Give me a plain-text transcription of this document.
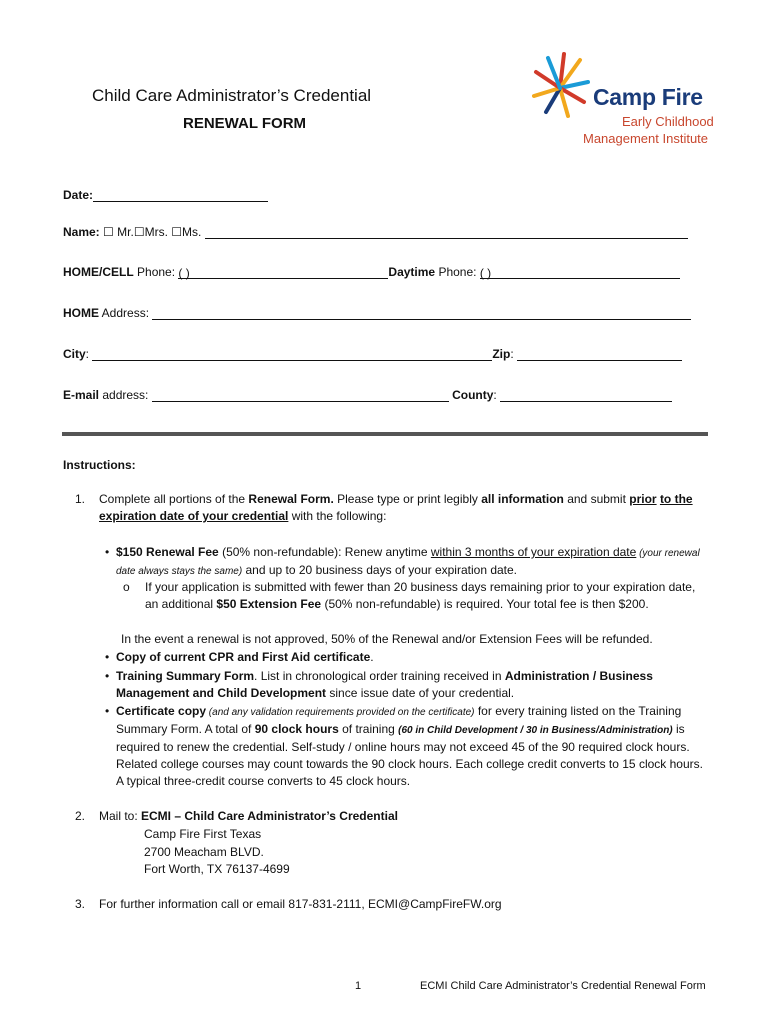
Child Care Administrator’s Credential
RENEWAL FORM
Camp Fire
Early Childhood
Management Institute
Date:
Name: ☐ Mr.☐Mrs. ☐Ms.
HOME/CELL Phone: ( )	Daytime Phone: ( )
HOME Address:
City:	Zip:
E-mail address:	County:
Instructions:
1. Complete all portions of the Renewal Form. Please type or print legibly all information and submit prior to the expiration date of your credential with the following:
• $150 Renewal Fee (50% non-refundable): Renew anytime within 3 months of your expiration date (your renewal date always stays the same) and up to 20 business days of your expiration date.
o If your application is submitted with fewer than 20 business days remaining prior to your expiration date, an additional $50 Extension Fee (50% non-refundable) is required. Your total fee is then $200.
In the event a renewal is not approved, 50% of the Renewal and/or Extension Fees will be refunded.
• Copy of current CPR and First Aid certificate.
• Training Summary Form. List in chronological order training received in Administration / Business Management and Child Development since issue date of your credential.
• Certificate copy (and any validation requirements provided on the certificate) for every training listed on the Training Summary Form. A total of 90 clock hours of training (60 in Child Development / 30 in Business/Administration) is required to renew the credential. Self-study / online hours may not exceed 45 of the 90 required clock hours. Related college courses may count towards the 90 clock hours. Each college credit converts to 15 clock hours. A typical three-credit course converts to 45 clock hours.
2. Mail to: ECMI – Child Care Administrator’s Credential
Camp Fire First Texas
2700 Meacham BLVD.
Fort Worth, TX 76137-4699
3. For further information call or email 817-831-2111, ECMI@CampFireFW.org
1	ECMI Child Care Administrator’s Credential Renewal Form
